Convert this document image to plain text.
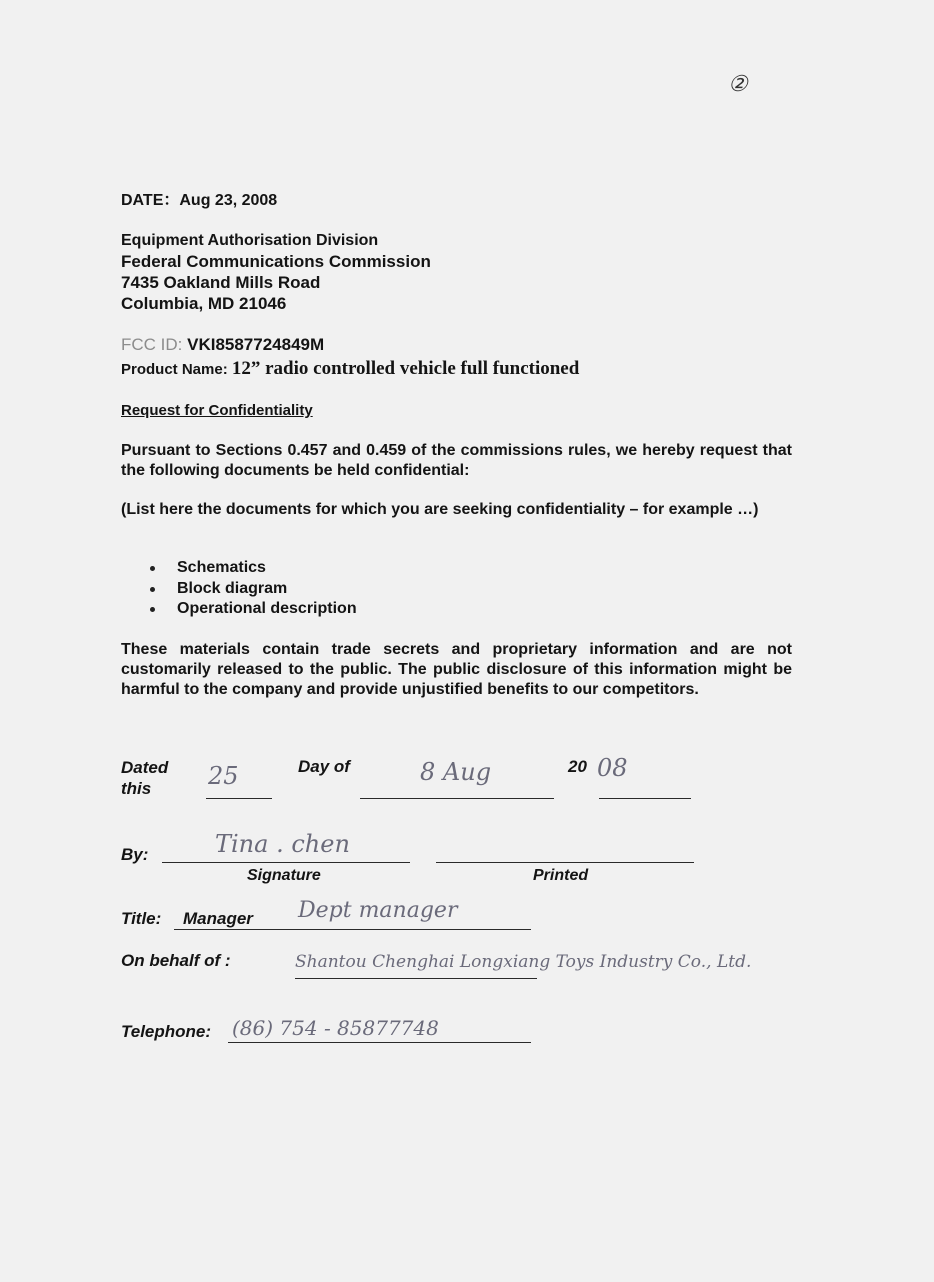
②
DATE：Aug 23, 2008
Equipment Authorisation Division
Federal Communications Commission
7435 Oakland Mills Road
Columbia, MD 21046
FCC ID: VKI8587724849M
Product Name: 12” radio controlled vehicle full functioned
Request for Confidentiality
Pursuant to Sections 0.457 and 0.459 of the commissions rules, we hereby request that the following documents be held confidential:
(List here the documents for which you are seeking confidentiality – for example …)
Schematics
Block diagram
Operational description
These materials contain trade secrets and proprietary information and are not customarily released to the public. The public disclosure of this information might be harmful to the company and provide unjustified benefits to our competitors.
Dated
this	25	Day of	8 Aug	20 08
By:	Tina . chen
Signature	Printed
Title: Manager Dept manager
On behalf of :	Shantou Chenghai Longxiang Toys Industry Co., Ltd.
Telephone: (86) 754 - 85877748
